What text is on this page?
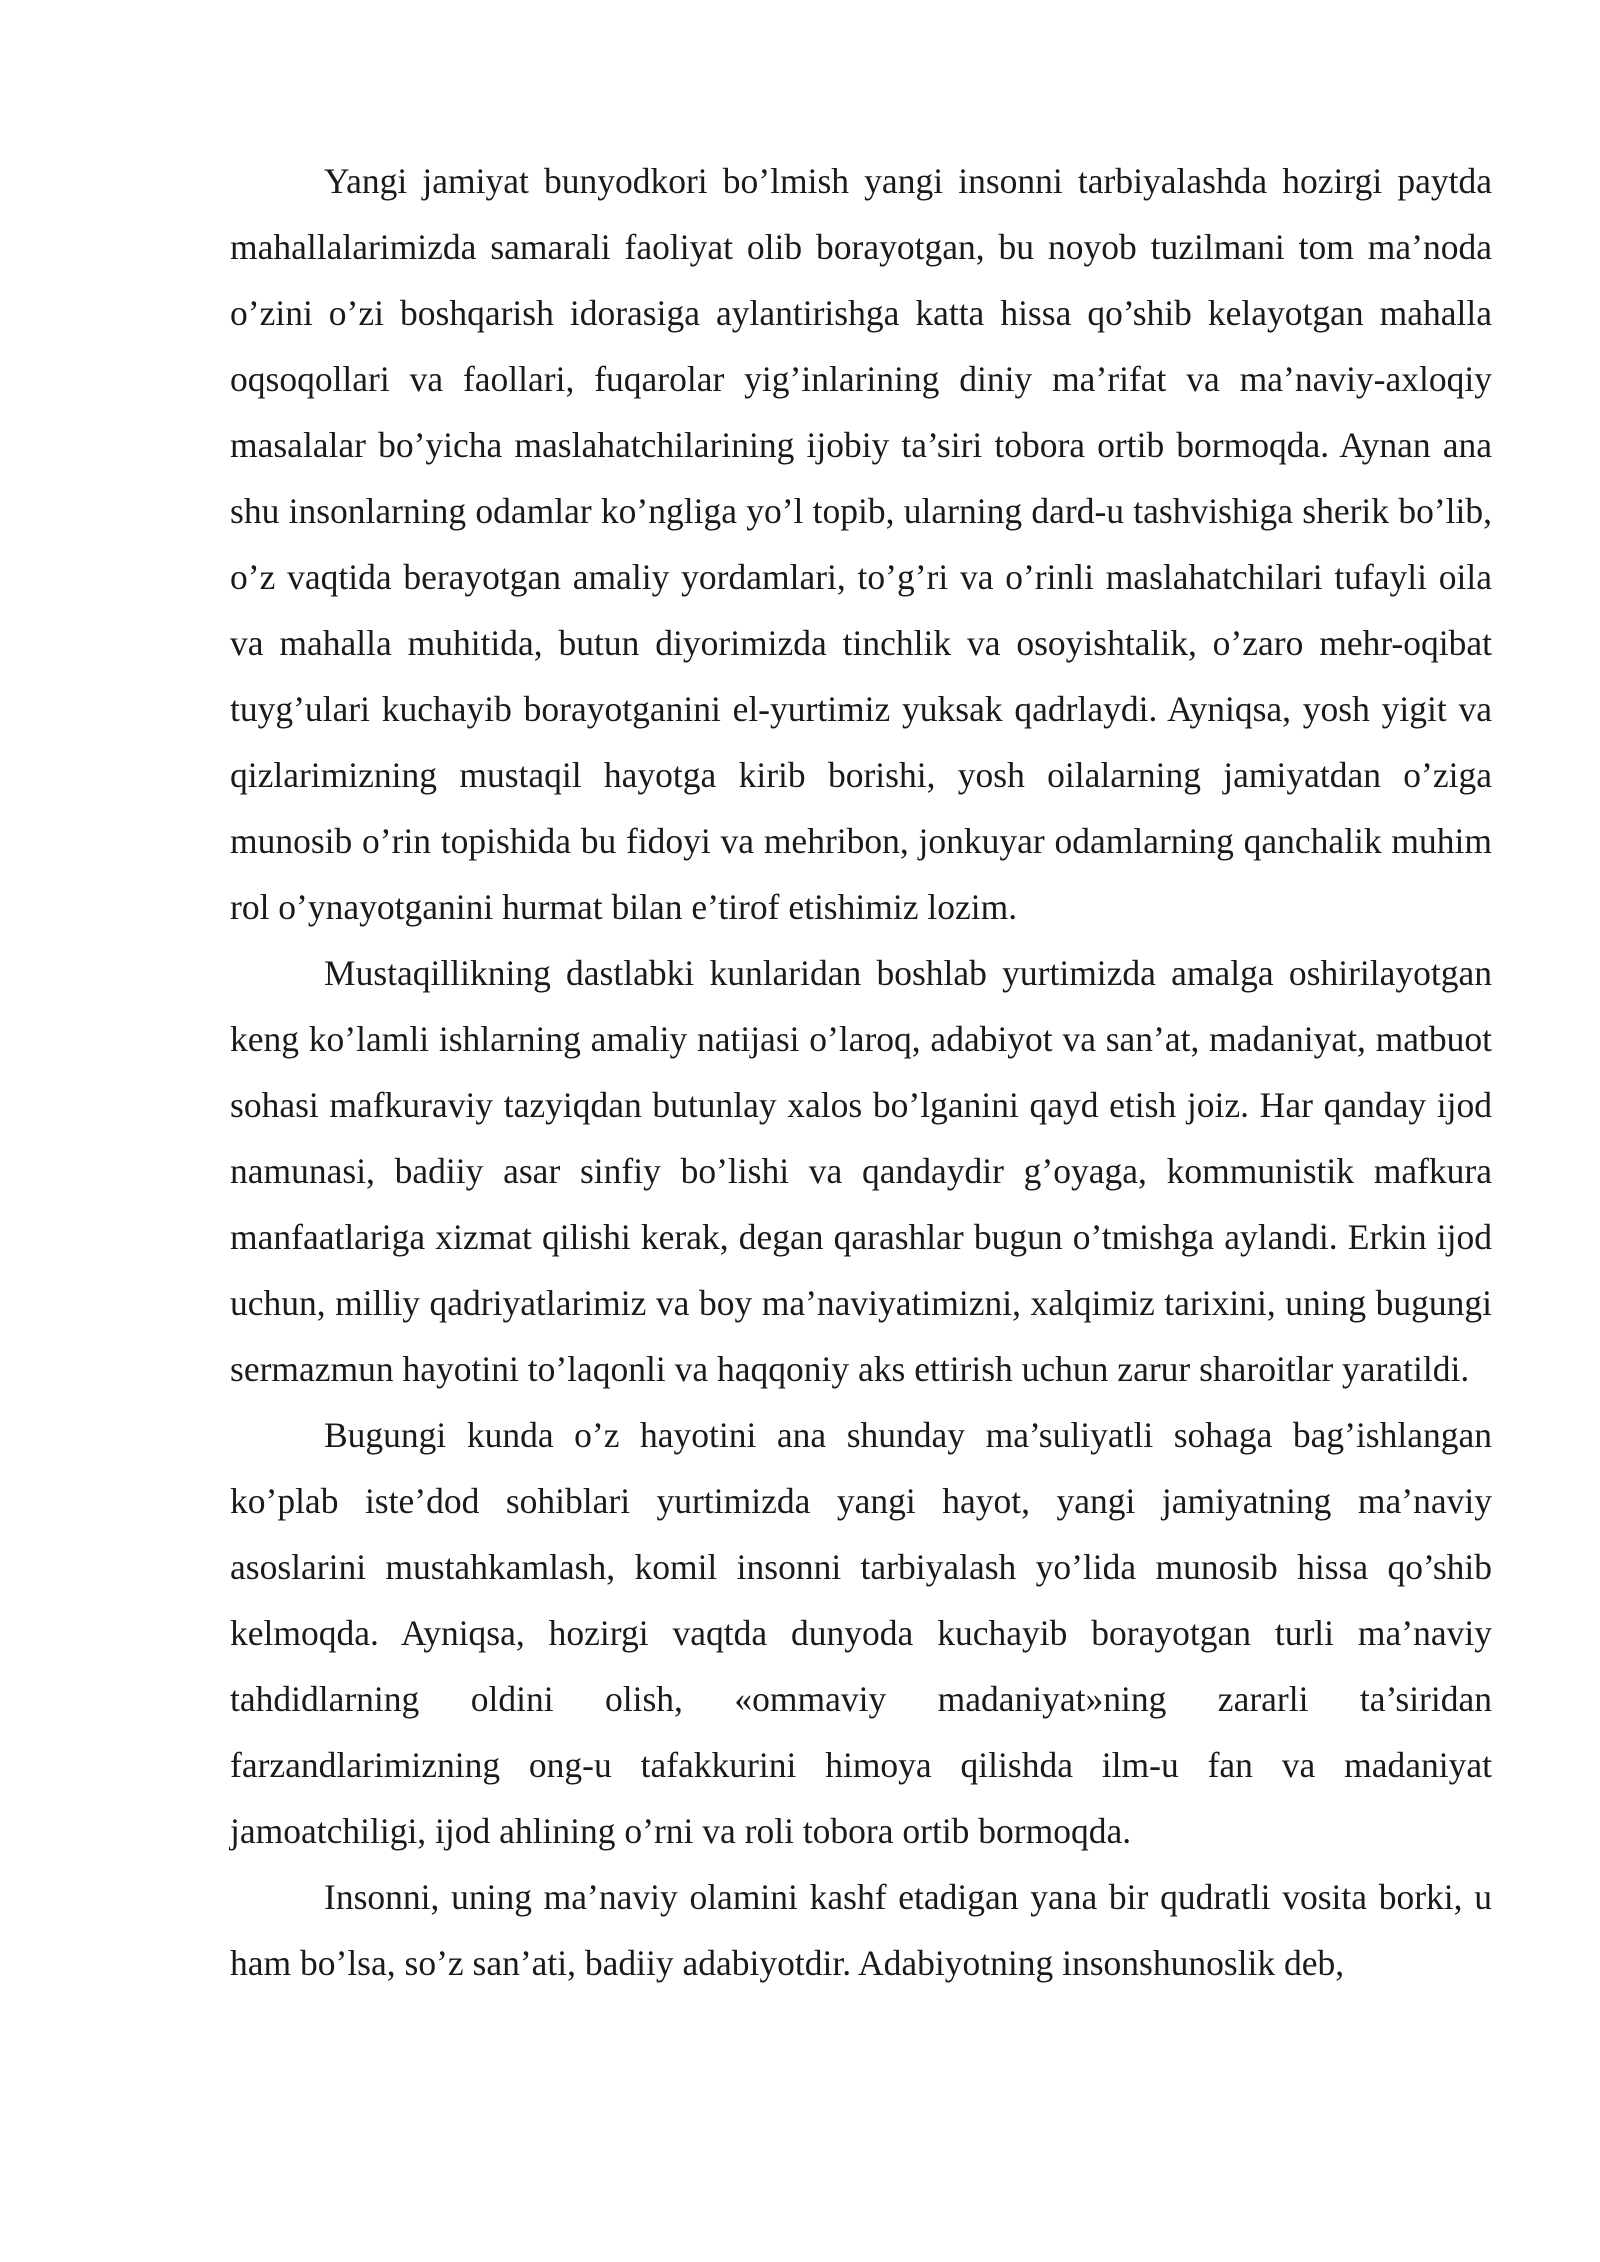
Yangi jamiyat bunyodkori bo’lmish yangi insonni tarbiyalashda hozirgi paytda mahallalarimizda samarali faoliyat olib borayotgan, bu noyob tuzilmani tom ma’noda o’zini o’zi boshqarish idorasiga aylantirishga katta hissa qo’shib kelayotgan mahalla oqsoqollari va faollari, fuqarolar yig’inlarining diniy ma’rifat va ma’naviy-axloqiy masalalar bo’yicha maslahatchilarining ijobiy ta’siri tobora ortib bormoqda. Aynan ana shu insonlarning odamlar ko’ngliga yo’l topib, ularning dard-u tashvishiga sherik bo’lib, o’z vaqtida berayotgan amaliy yordamlari, to’g’ri va o’rinli maslahatchilari tufayli oila va mahalla muhitida, butun diyorimizda tinchlik va osoyishtalik, o’zaro mehr-oqibat tuyg’ulari kuchayib borayotganini el-yurtimiz yuksak qadrlaydi. Ayniqsa, yosh yigit va qizlarimizning mustaqil hayotga kirib borishi, yosh oilalarning jamiyatdan o’ziga munosib o’rin topishida bu fidoyi va mehribon, jonkuyar odamlarning qanchalik muhim rol o’ynayotganini hurmat bilan e’tirof etishimiz lozim.

Mustaqillikning dastlabki kunlaridan boshlab yurtimizda amalga oshirilayotgan keng ko’lamli ishlarning amaliy natijasi o’laroq, adabiyot va san’at, madaniyat, matbuot sohasi mafkuraviy tazyiqdan butunlay xalos bo’lganini qayd etish joiz. Har qanday ijod namunasi, badiiy asar sinfiy bo’lishi va qandaydir g’oyaga, kommunistik mafkura manfaatlariga xizmat qilishi kerak, degan qarashlar bugun o’tmishga aylandi. Erkin ijod uchun, milliy qadriyatlarimiz va boy ma’naviyatimizni, xalqimiz tarixini, uning bugungi sermazmun hayotini to’laqonli va haqqoniy aks ettirish uchun zarur sharoitlar yaratildi.

Bugungi kunda o’z hayotini ana shunday ma’suliyatli sohaga bag’ishlangan ko’plab iste’dod sohiblari yurtimizda yangi hayot, yangi jamiyatning ma’naviy asoslarini mustahkamlash, komil insonni tarbiyalash yo’lida munosib hissa qo’shib kelmoqda. Ayniqsa, hozirgi vaqtda dunyoda kuchayib borayotgan turli ma’naviy tahdidlarning oldini olish, «ommaviy madaniyat»ning zararli ta’siridan farzandlarimizning ong-u tafakkurini himoya qilishda ilm-u fan va madaniyat jamoatchiligi, ijod ahlining o’rni va roli tobora ortib bormoqda.

Insonni, uning ma’naviy olamini kashf etadigan yana bir qudratli vosita borki, u ham bo’lsa, so’z san’ati, badiiy adabiyotdir. Adabiyotning insonshunoslik deb,
